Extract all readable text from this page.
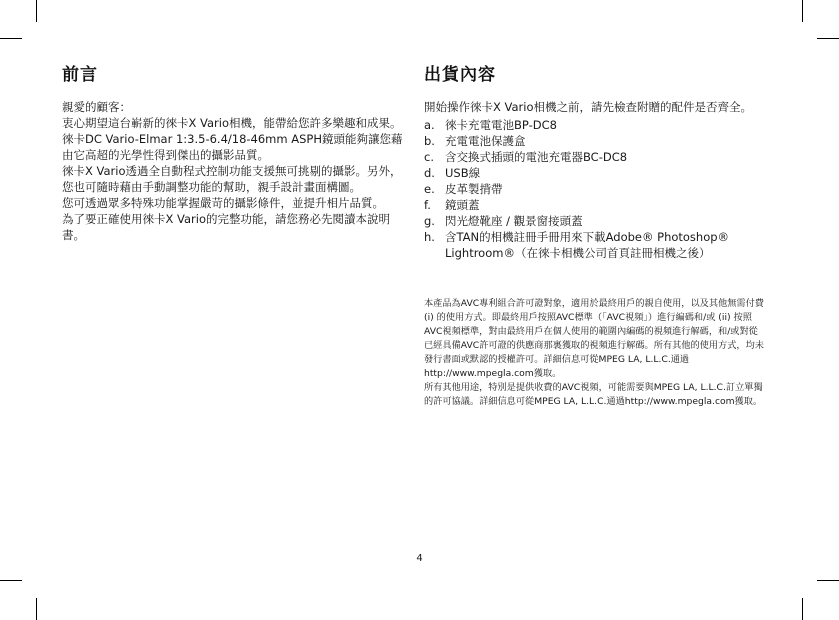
前言

親愛的顧客：

衷心期望這台嶄新的徠卡X Vario相機，能帶給您許多樂趣和成果。徠卡DC Vario-Elmar 1:3.5-6.4/18-46mm ASPH鏡頭能夠讓您藉由它高超的光學性得到傑出的攝影品質。

徠卡X Vario透過全自動程式控制功能支援無可挑剔的攝影。另外，您也可隨時藉由手動調整功能的幫助，親手設計畫面構圖。

您可透過眾多特殊功能掌握嚴苛的攝影條件，並提升相片品質。

為了要正確使用徠卡X Vario的完整功能，請您務必先閱讀本說明書。

出貨內容

開始操作徠卡X Vario相機之前，請先檢查附贈的配件是否齊全。

a. 徠卡充電電池BP-DC8
b. 充電電池保護盒
c. 含交換式插頭的電池充電器BC-DC8
d. USB線
e. 皮革製揹帶
f.	鏡頭蓋
g. 閃光燈靴座 / 觀景窗接頭蓋
h. 含TAN的相機註冊手冊用來下載Adobe® Photoshop® Lightroom®（在徠卡相機公司首頁註冊相機之後）

本產品為AVC專利組合許可證對象，適用於最終用戶的親自使用，以及其他無需付費 (i) 的使用方式。即最終用戶按照AVC標準（「AVC視頻」）進行編碼和/或 (ii) 按照AVC視頻標準，對由最終用戶在個人使用的範圍內編碼的視頻進行解碼，和/或對從已經具備AVC許可證的供應商那裏獲取的視頻進行解碼。所有其他的使用方式，均未發行書面或默認的授權許可。詳細信息可從MPEG LA, L.L.C.通過http://www.mpegla.com獲取。

所有其他用途，特別是提供收費的AVC視頻，可能需要與MPEG LA, L.L.C.訂立單獨的許可協議。詳細信息可從MPEG LA, L.L.C.通過http://www.mpegla.com獲取。

4
